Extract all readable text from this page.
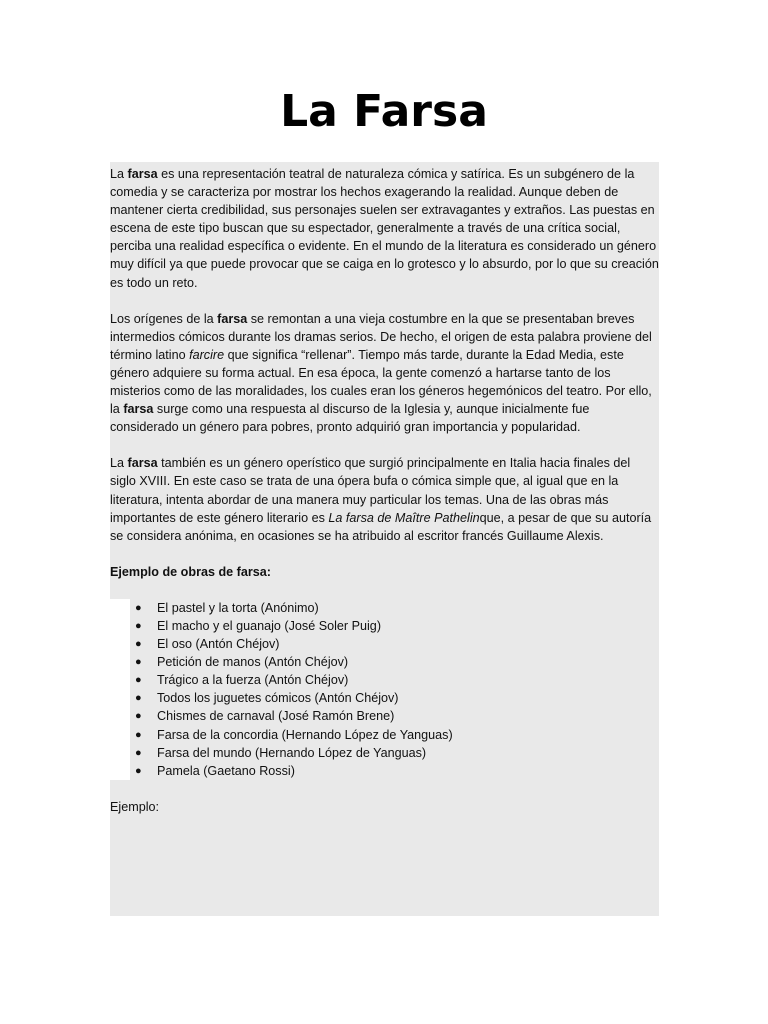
La Farsa

La farsa es una representación teatral de naturaleza cómica y satírica. Es un subgénero de la comedia y se caracteriza por mostrar los hechos exagerando la realidad. Aunque deben de mantener cierta credibilidad, sus personajes suelen ser extravagantes y extraños. Las puestas en escena de este tipo buscan que su espectador, generalmente a través de una crítica social, perciba una realidad específica o evidente. En el mundo de la literatura es considerado un género muy difícil ya que puede provocar que se caiga en lo grotesco y lo absurdo, por lo que su creación es todo un reto.

Los orígenes de la farsa se remontan a una vieja costumbre en la que se presentaban breves intermedios cómicos durante los dramas serios. De hecho, el origen de esta palabra proviene del término latino farcire que significa “rellenar”. Tiempo más tarde, durante la Edad Media, este género adquiere su forma actual. En esa época, la gente comenzó a hartarse tanto de los misterios como de las moralidades, los cuales eran los géneros hegemónicos del teatro. Por ello, la farsa surge como una respuesta al discurso de la Iglesia y, aunque inicialmente fue considerado un género para pobres, pronto adquirió gran importancia y popularidad.

La farsa también es un género operístico que surgió principalmente en Italia hacia finales del siglo XVIII. En este caso se trata de una ópera bufa o cómica simple que, al igual que en la literatura, intenta abordar de una manera muy particular los temas. Una de las obras más importantes de este género literario es La farsa de Maître Pathelinque, a pesar de que su autoría se considera anónima, en ocasiones se ha atribuido al escritor francés Guillaume Alexis.

Ejemplo de obras de farsa:

● El pastel y la torta (Anónimo)
● El macho y el guanajo (José Soler Puig)
● El oso (Antón Chéjov)
● Petición de manos (Antón Chéjov)
● Trágico a la fuerza (Antón Chéjov)
● Todos los juguetes cómicos (Antón Chéjov)
● Chismes de carnaval (José Ramón Brene)
● Farsa de la concordia (Hernando López de Yanguas)
● Farsa del mundo (Hernando López de Yanguas)
● Pamela (Gaetano Rossi)

Ejemplo:
